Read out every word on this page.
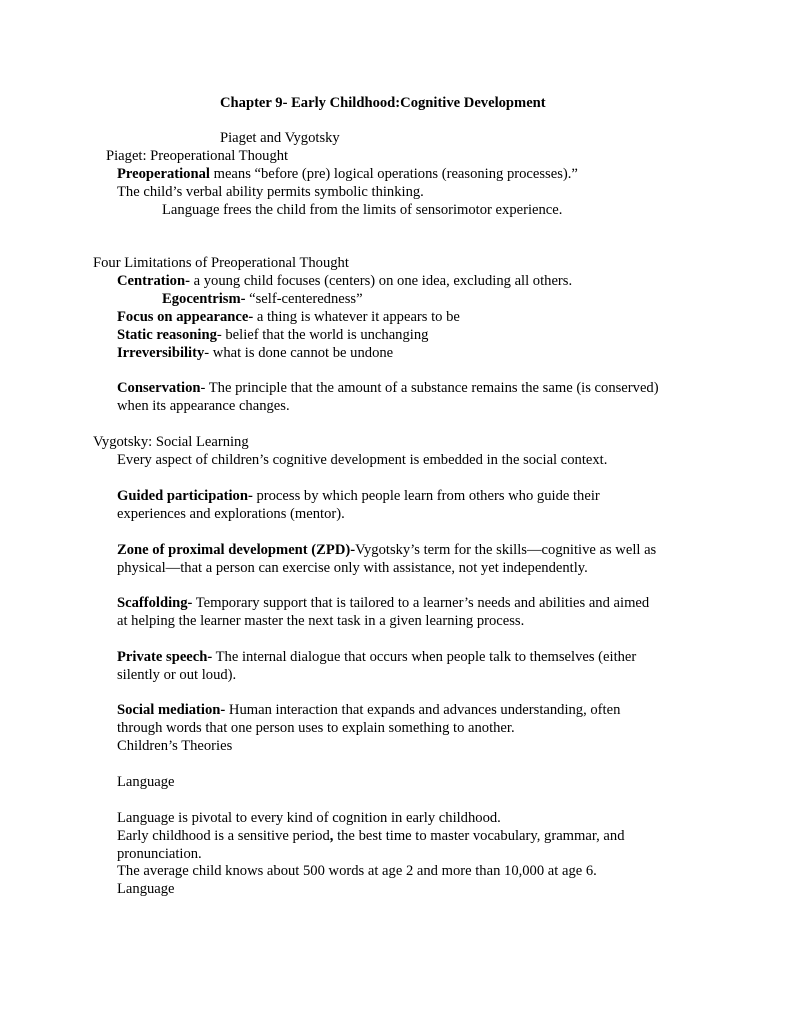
Chapter 9- Early Childhood:Cognitive Development
Piaget and Vygotsky
Piaget: Preoperational Thought
Preoperational means “before (pre) logical operations (reasoning processes).”
The child’s verbal ability permits symbolic thinking.
Language frees the child from the limits of sensorimotor experience.
Four Limitations of Preoperational Thought
Centration- a young child focuses (centers) on one idea, excluding all others.
Egocentrism- “self-centeredness”
Focus on appearance- a thing is whatever it appears to be
Static reasoning- belief that the world is unchanging
Irreversibility- what is done cannot be undone
Conservation- The principle that the amount of a substance remains the same (is conserved)
when its appearance changes.
Vygotsky: Social Learning
Every aspect of children’s cognitive development is embedded in the social context.
Guided participation- process by which people learn from others who guide their
experiences and explorations (mentor).
Zone of proximal development (ZPD)-Vygotsky’s term for the skills—cognitive as well as
physical—that a person can exercise only with assistance, not yet independently.
Scaffolding- Temporary support that is tailored to a learner’s needs and abilities and aimed
at helping the learner master the next task in a given learning process.
Private speech- The internal dialogue that occurs when people talk to themselves (either
silently or out loud).
Social mediation- Human interaction that expands and advances understanding, often
through words that one person uses to explain something to another.
Children’s Theories
Language
Language is pivotal to every kind of cognition in early childhood.
Early childhood is a sensitive period, the best time to master vocabulary, grammar, and
pronunciation.
The average child knows about 500 words at age 2 and more than 10,000 at age 6.
Language
